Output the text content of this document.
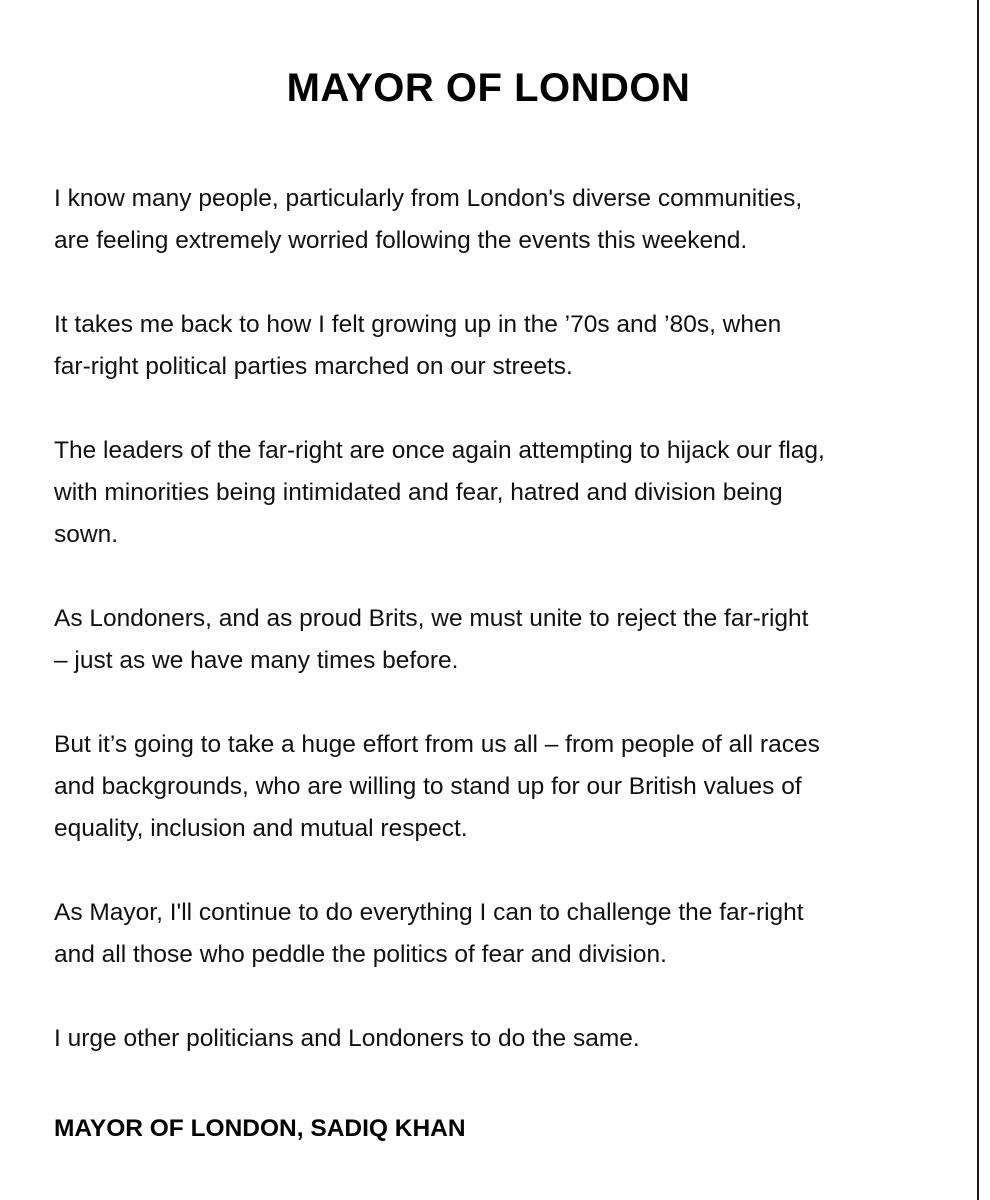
MAYOR OF LONDON

I know many people, particularly from London's diverse communities,
are feeling extremely worried following the events this weekend.

It takes me back to how I felt growing up in the ’70s and ’80s, when
far-right political parties marched on our streets.

The leaders of the far-right are once again attempting to hijack our flag,
with minorities being intimidated and fear, hatred and division being
sown.

As Londoners, and as proud Brits, we must unite to reject the far-right
– just as we have many times before.

But it’s going to take a huge effort from us all – from people of all races
and backgrounds, who are willing to stand up for our British values of
equality, inclusion and mutual respect.

As Mayor, I'll continue to do everything I can to challenge the far-right
and all those who peddle the politics of fear and division.

I urge other politicians and Londoners to do the same.

MAYOR OF LONDON, SADIQ KHAN
